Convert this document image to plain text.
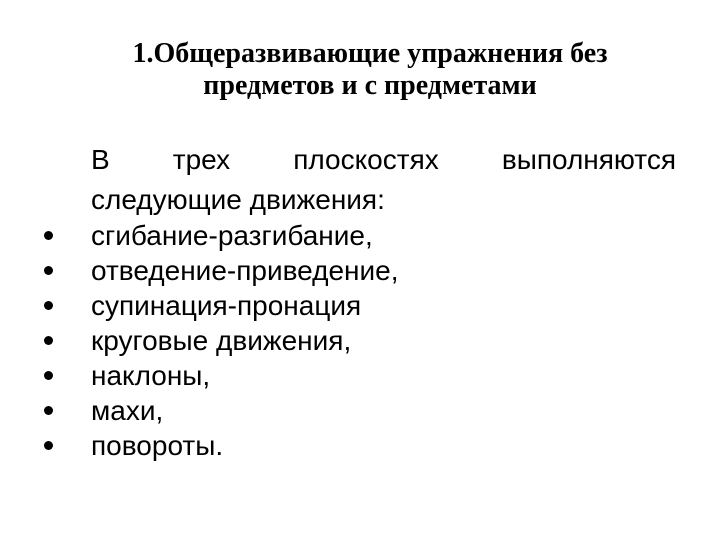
1.Общеразвивающие упражнения без
предметов и с предметами
В трех плоскостях выполняются
следующие движения:
сгибание-разгибание,
отведение-приведение,
супинация-пронация
круговые движения,
наклоны,
махи,
повороты.
